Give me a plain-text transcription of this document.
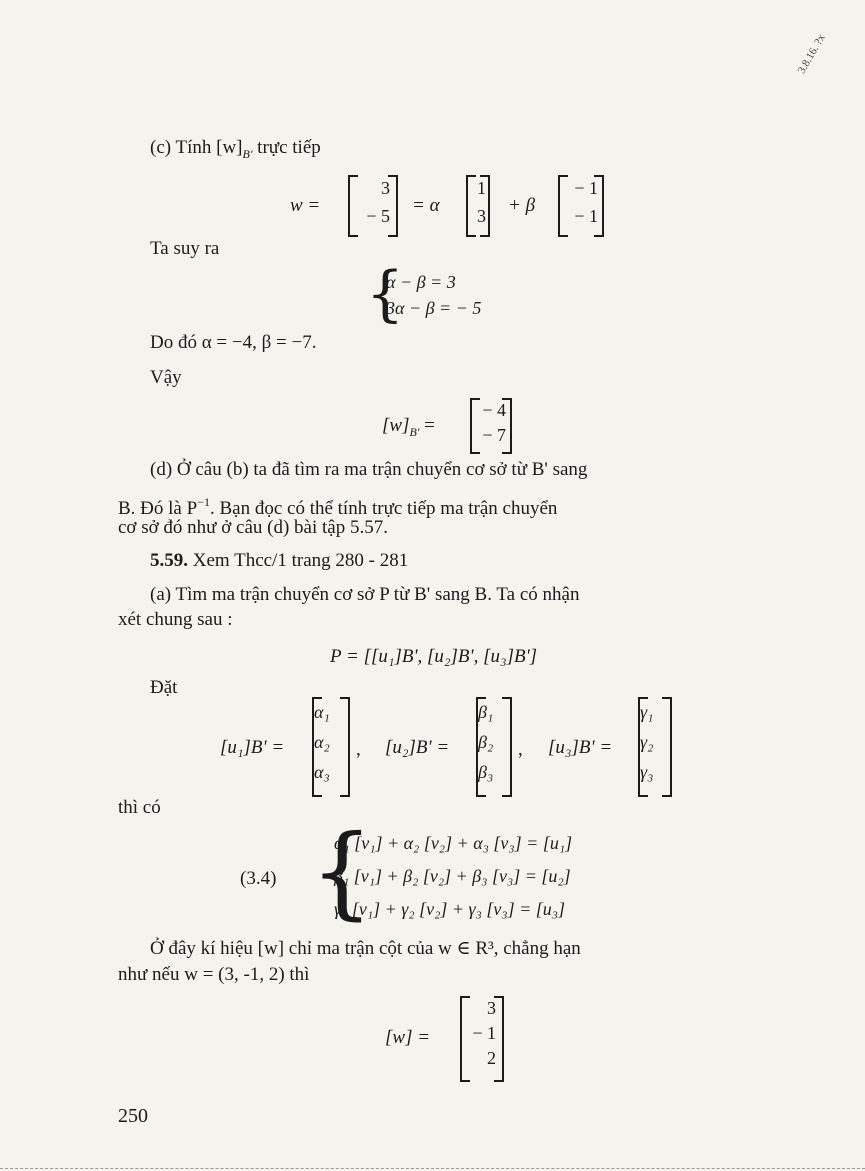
3.8.16. ?x
(c) Tính $[w]_{B'}$ trực tiếp
w =
3
− 5 = α
1
3 + β
− 1
− 1
Ta suy ra
{
α − β = 3
3α − β = − 5
Do đó α = −4, β = −7.
Vậy
$[w]_{B'}$ =
− 4
− 7
(d) Ở câu (b) ta đã tìm ra ma trận chuyển cơ sở từ B' sang
B. Đó là $P^{-1}$. Bạn đọc có thể tính trực tiếp ma trận chuyển
cơ sở đó như ở câu (d) bài tập 5.57.
5.59. Xem Thcc/1 trang 280 - 281
(a) Tìm ma trận chuyển cơ sở P từ B' sang B. Ta có nhận
xét chung sau :
P = [[u₁]B', [u₂]B', [u₃]B']
Đặt
[u₁]B' =
α₁
α₂
α₃
, [u₂]B' =
β₁
β₂
β₃
, [u₃]B' =
γ₁
γ₂
γ₃
thì có
(3.4) {
α₁ [v₁] + α₂ [v₂] + α₃ [v₃] = [u₁]
β₁ [v₁] + β₂ [v₂] + β₃ [v₃] = [u₂]
γ₁ [v₁] + γ₂ [v₂] + γ₃ [v₃] = [u₃]
Ở đây kí hiệu [w] chỉ ma trận cột của w ∈ R³, chẳng hạn
như nếu w = (3, -1, 2) thì
[w] =
3
− 1
2
250
